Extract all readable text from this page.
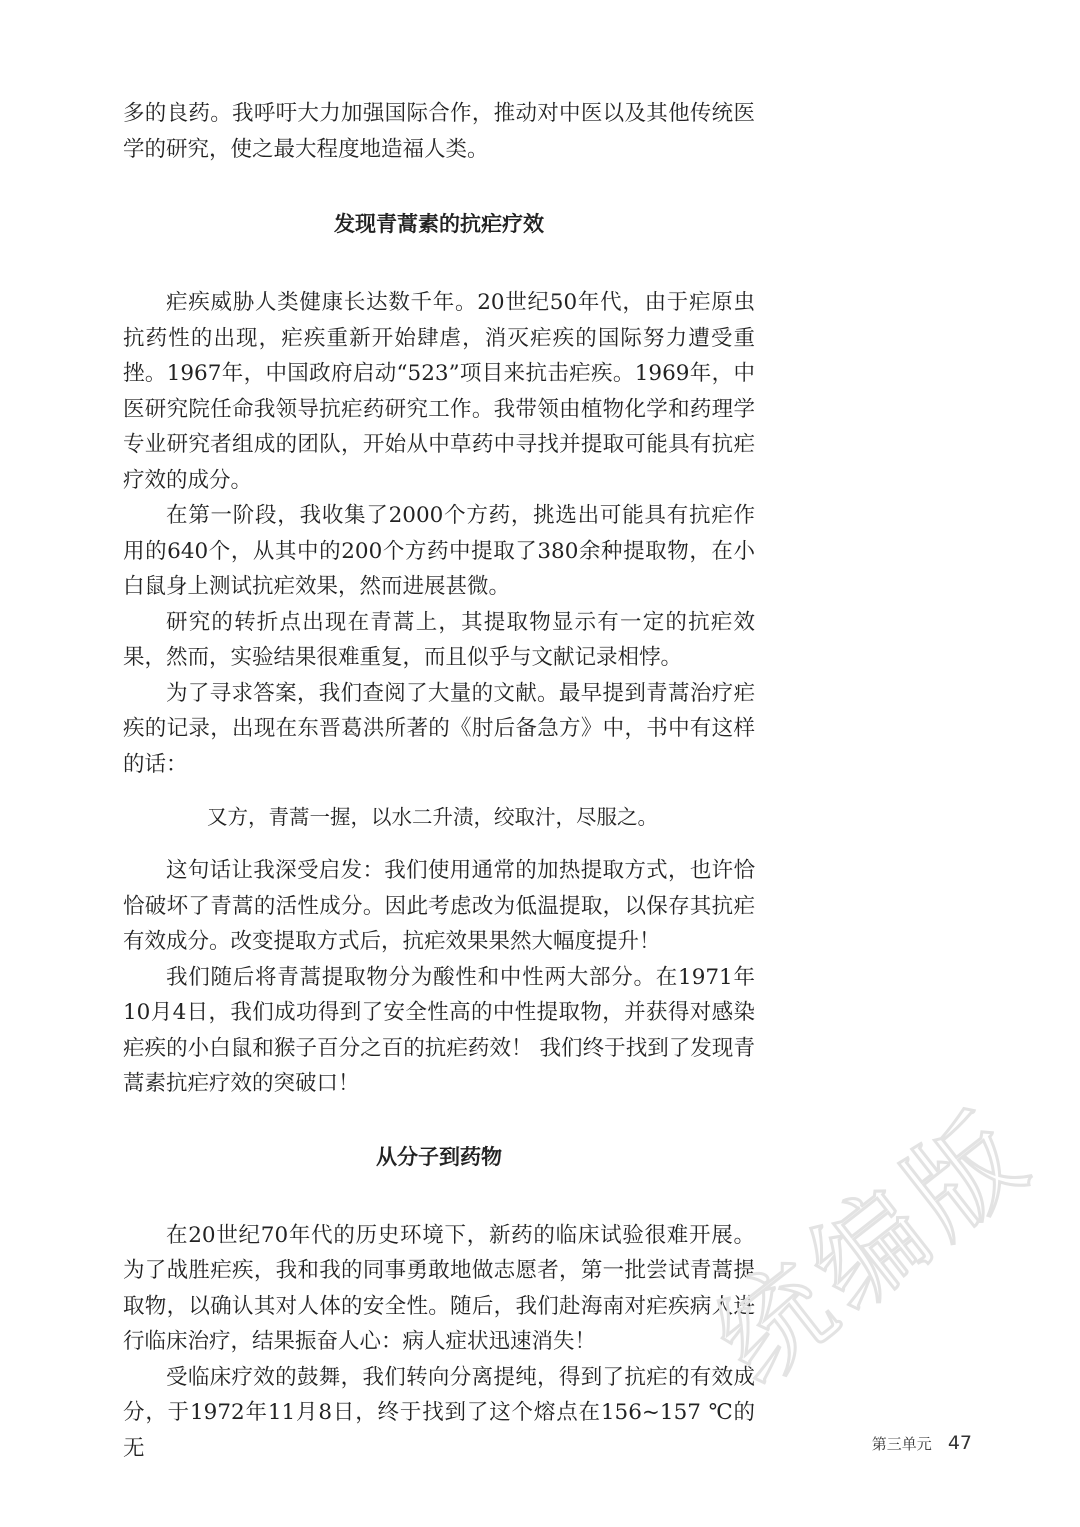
多的良药。我呼吁大力加强国际合作，推动对中医以及其他传统医学的研究，使之最大程度地造福人类。

发现青蒿素的抗疟疗效

疟疾威胁人类健康长达数千年。20世纪50年代，由于疟原虫抗药性的出现，疟疾重新开始肆虐，消灭疟疾的国际努力遭受重挫。1967年，中国政府启动“523”项目来抗击疟疾。1969年，中医研究院任命我领导抗疟药研究工作。我带领由植物化学和药理学专业研究者组成的团队，开始从中草药中寻找并提取可能具有抗疟疗效的成分。

在第一阶段，我收集了2000个方药，挑选出可能具有抗疟作用的640个，从其中的200个方药中提取了380余种提取物，在小白鼠身上测试抗疟效果，然而进展甚微。

研究的转折点出现在青蒿上，其提取物显示有一定的抗疟效果，然而，实验结果很难重复，而且似乎与文献记录相悖。

为了寻求答案，我们查阅了大量的文献。最早提到青蒿治疗疟疾的记录，出现在东晋葛洪所著的《肘后备急方》中，书中有这样的话：

又方，青蒿一握，以水二升渍，绞取汁，尽服之。

这句话让我深受启发：我们使用通常的加热提取方式，也许恰恰破坏了青蒿的活性成分。因此考虑改为低温提取，以保存其抗疟有效成分。改变提取方式后，抗疟效果果然大幅度提升！

我们随后将青蒿提取物分为酸性和中性两大部分。在1971年10月4日，我们成功得到了安全性高的中性提取物，并获得对感染疟疾的小白鼠和猴子百分之百的抗疟药效！ 我们终于找到了发现青蒿素抗疟疗效的突破口！

从分子到药物

在20世纪70年代的历史环境下，新药的临床试验很难开展。为了战胜疟疾，我和我的同事勇敢地做志愿者，第一批尝试青蒿提取物，以确认其对人体的安全性。随后，我们赴海南对疟疾病人进行临床治疗，结果振奋人心：病人症状迅速消失！

受临床疗效的鼓舞，我们转向分离提纯，得到了抗疟的有效成分，于1972年11月8日，终于找到了这个熔点在156~157 ℃的无

统
编
版
第三单元 47
